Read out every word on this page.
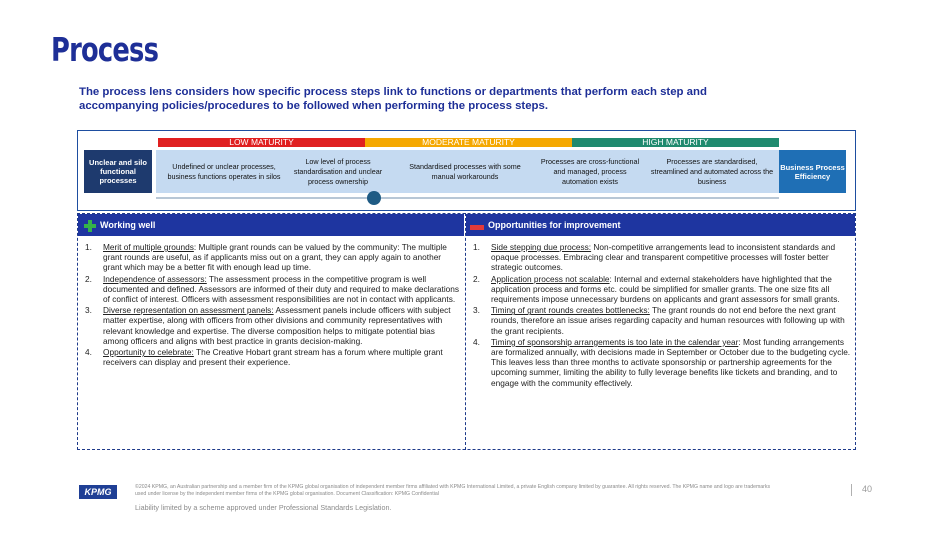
Process
The process lens considers how specific process steps link to functions or departments that perform each step and accompanying policies/procedures to be followed when performing the process steps.
LOW MATURITY	MODERATE MATURITY	HIGH MATURITY
Unclear and silo functional processes
Undefined or unclear processes, business functions operates in silos
Low level of process standardisation and unclear process ownership
Standardised processes with some manual workarounds
Processes are cross-functional and managed, process automation exists
Processes are standardised, streamlined and automated across the business
Business Process Efficiency
Working well	Opportunities for improvement
1. Merit of multiple grounds: Multiple grant rounds can be valued by the community: The multiple grant rounds are useful, as if applicants miss out on a grant, they can apply again to another grant which may be a better fit with enough lead up time.
2. Independence of assessors: The assessment process in the competitive program is well documented and defined. Assessors are informed of their duty and required to make declarations of conflict of interest. Officers with assessment responsibilities are not in contact with applicants.
3. Diverse representation on assessment panels: Assessment panels include officers with subject matter expertise, along with officers from other divisions and community representatives with relevant knowledge and expertise. The diverse composition helps to mitigate potential bias among officers and aligns with best practice in grants decision-making.
4. Opportunity to celebrate: The Creative Hobart grant stream has a forum where multiple grant receivers can display and present their experience.
1. Side stepping due process: Non-competitive arrangements lead to inconsistent standards and opaque processes. Embracing clear and transparent competitive processes will foster better strategic outcomes.
2. Application process not scalable: Internal and external stakeholders have highlighted that the application process and forms etc. could be simplified for smaller grants. The one size fits all requirements impose unnecessary burdens on applicants and grant assessors for small grants.
3. Timing of grant rounds creates bottlenecks: The grant rounds do not end before the next grant rounds, therefore an issue arises regarding capacity and human resources with following up with the grant recipients.
4. Timing of sponsorship arrangements is too late in the calendar year: Most funding arrangements are formalized annually, with decisions made in September or October due to the budgeting cycle. This leaves less than three months to activate sponsorship or partnership agreements for the upcoming summer, limiting the ability to fully leverage benefits like tickets and branding, and to engage with the community effectively.
KPMG	©2024 KPMG, an Australian partnership and a member firm of the KPMG global organisation of independent member firms affiliated with KPMG International Limited, a private English company limited by guarantee. All rights reserved. The KPMG name and logo are trademarks used under license by the independent member firms of the KPMG global organisation. Document Classification: KPMG Confidential
Liability limited by a scheme approved under Professional Standards Legislation.
40
